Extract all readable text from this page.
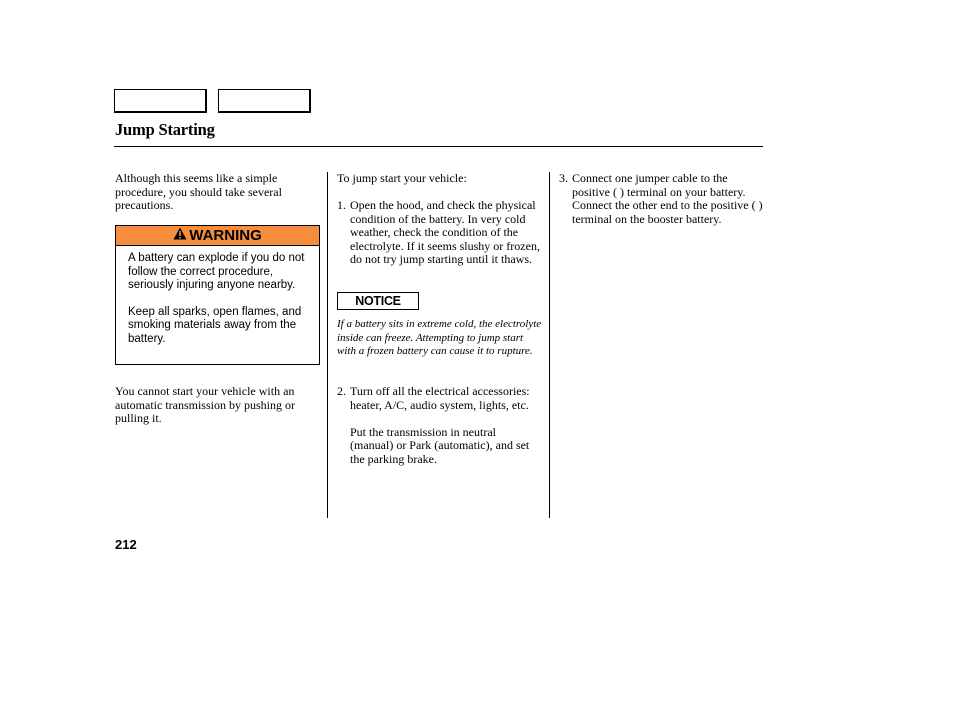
Jump Starting

Although this seems like a simple procedure, you should take several precautions.

WARNING

A battery can explode if you do not follow the correct procedure, seriously injuring anyone nearby.

Keep all sparks, open flames, and smoking materials away from the battery.

You cannot start your vehicle with an automatic transmission by pushing or pulling it.

To jump start your vehicle:

1. Open the hood, and check the physical condition of the battery. In very cold weather, check the condition of the electrolyte. If it seems slushy or frozen, do not try jump starting until it thaws.
NOTICE
If a battery sits in extreme cold, the electrolyte inside can freeze. Attempting to jump start with a frozen battery can cause it to rupture.
2. Turn off all the electrical accessories: heater, A/C, audio system, lights, etc.
Put the transmission in neutral (manual) or Park (automatic), and set the parking brake.
3. Connect one jumper cable to the positive ( ) terminal on your battery. Connect the other end to the positive ( ) terminal on the booster battery.
212
